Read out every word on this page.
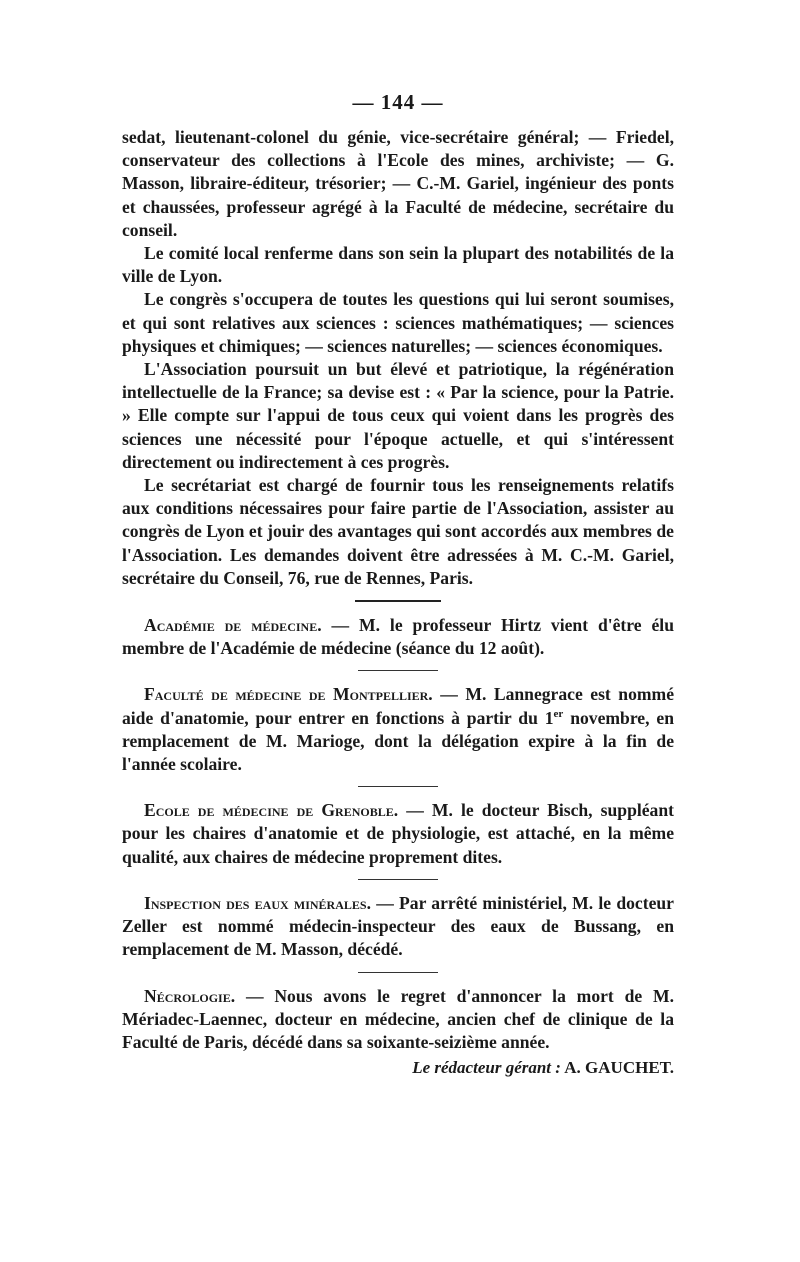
— 144 —

sedat, lieutenant-colonel du génie, vice-secrétaire général; — Friedel, conservateur des collections à l'Ecole des mines, archiviste; — G. Masson, libraire-éditeur, trésorier; — C.-M. Gariel, ingénieur des ponts et chaussées, professeur agrégé à la Faculté de médecine, secrétaire du conseil.

Le comité local renferme dans son sein la plupart des notabilités de la ville de Lyon.

Le congrès s'occupera de toutes les questions qui lui seront soumises, et qui sont relatives aux sciences : sciences mathématiques; — sciences physiques et chimiques; — sciences naturelles; — sciences économiques.

L'Association poursuit un but élevé et patriotique, la régénération intellectuelle de la France; sa devise est : « Par la science, pour la Patrie. » Elle compte sur l'appui de tous ceux qui voient dans les progrès des sciences une nécessité pour l'époque actuelle, et qui s'intéressent directement ou indirectement à ces progrès.

Le secrétariat est chargé de fournir tous les renseignements relatifs aux conditions nécessaires pour faire partie de l'Association, assister au congrès de Lyon et jouir des avantages qui sont accordés aux membres de l'Association. Les demandes doivent être adressées à M. C.-M. Gariel, secrétaire du Conseil, 76, rue de Rennes, Paris.

Académie de médecine. — M. le professeur Hirtz vient d'être élu membre de l'Académie de médecine (séance du 12 août).

Faculté de médecine de Montpellier. — M. Lannegrace est nommé aide d'anatomie, pour entrer en fonctions à partir du 1er novembre, en remplacement de M. Marioge, dont la délégation expire à la fin de l'année scolaire.

Ecole de médecine de Grenoble. — M. le docteur Bisch, suppléant pour les chaires d'anatomie et de physiologie, est attaché, en la même qualité, aux chaires de médecine proprement dites.

Inspection des eaux minérales. — Par arrêté ministériel, M. le docteur Zeller est nommé médecin-inspecteur des eaux de Bussang, en remplacement de M. Masson, décédé.

Nécrologie. — Nous avons le regret d'annoncer la mort de M. Mériadec-Laennec, docteur en médecine, ancien chef de clinique de la Faculté de Paris, décédé dans sa soixante-seizième année.

Le rédacteur gérant : A. GAUCHET.
